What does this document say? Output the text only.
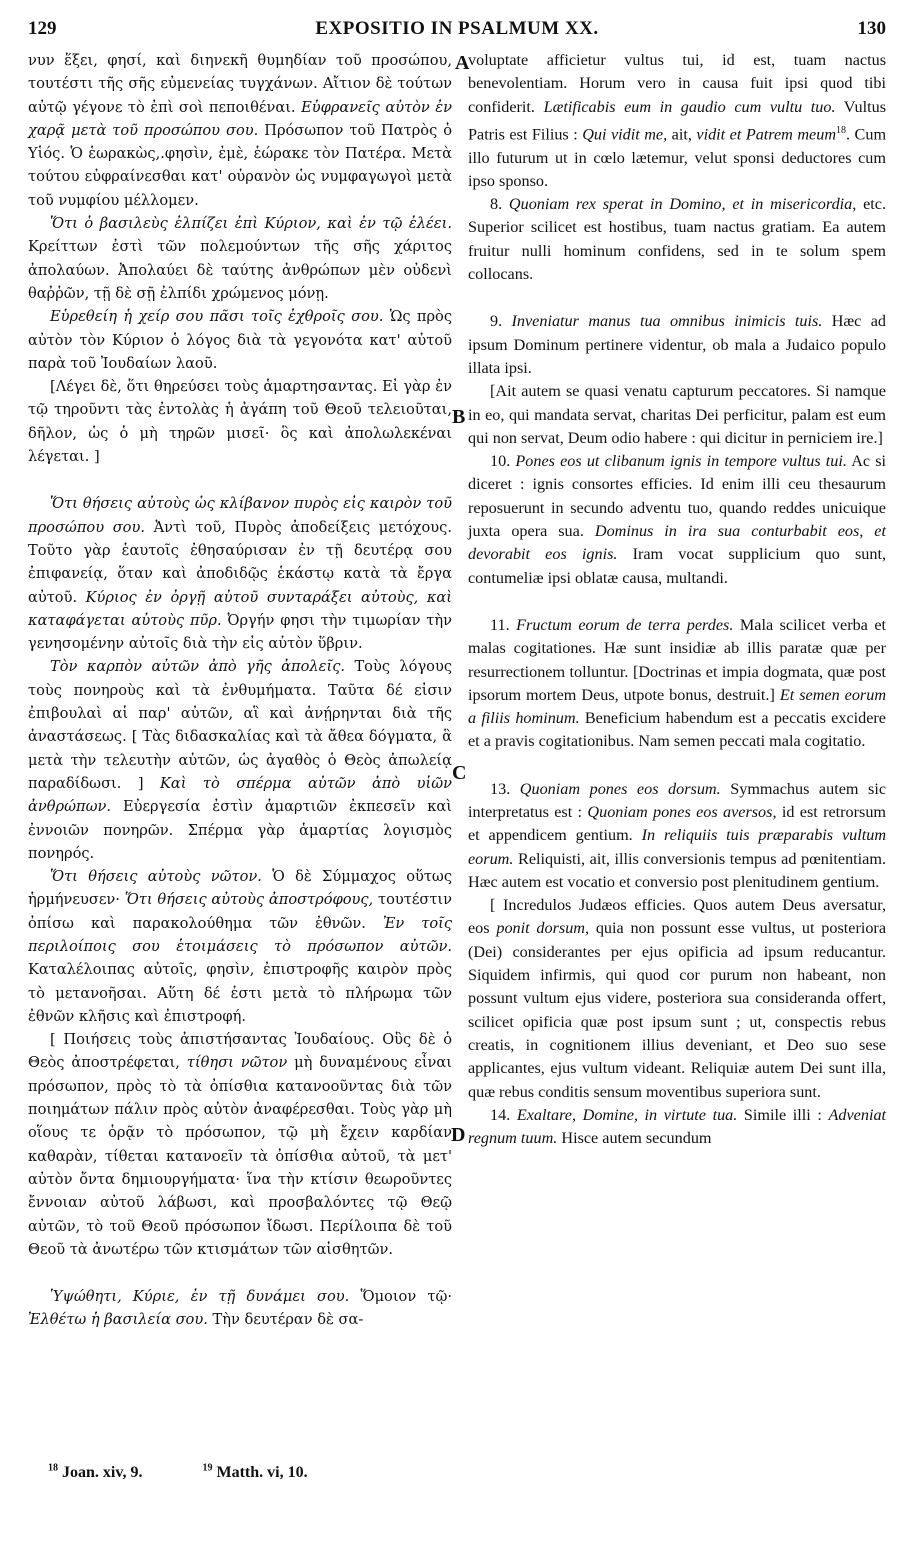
129	EXPOSITIO IN PSALMUM XX.	130
A
B
C
D

νυν ἕξει, φησί, καὶ διηνεκῆ θυμηδίαν τοῦ προσώπου, τουτέστι τῆς σῆς εὐμενείας τυγχάνων. Αἴτιον δὲ τούτων αὐτῷ γέγονε τὸ ἐπὶ σοὶ πεποιθέναι. Εὐφρανεῖς αὐτὸν ἐν χαρᾷ μετὰ τοῦ προσώπου σου. Πρόσωπον τοῦ Πατρὸς ὁ Υἱός. Ὁ ἑωρακὼς,.φησὶν, ἐμὲ, ἑώρακε τὸν Πατέρα. Μετὰ τούτου εὐφραίνεσθαι κατ' οὐρανὸν ὡς νυμφαγωγοὶ μετὰ τοῦ νυμφίου μέλλομεν.

Ὅτι ὁ βασιλεὺς ἐλπίζει ἐπὶ Κύριον, καὶ ἐν τῷ ἐλέει. Κρείττων ἐστὶ τῶν πολεμούντων τῆς σῆς χάριτος ἀπολαύων. Ἀπολαύει δὲ ταύτης ἀνθρώπων μὲν οὐδενὶ θαῤῥῶν, τῇ δὲ σῇ ἐλπίδι χρώμενος μόνῃ.

Εὑρεθείη ἡ χείρ σου πᾶσι τοῖς ἐχθροῖς σου. Ὡς πρὸς αὐτὸν τὸν Κύριον ὁ λόγος διὰ τὰ γεγονότα κατ' αὐτοῦ παρὰ τοῦ Ἰουδαίων λαοῦ.

[Λέγει δὲ, ὅτι θηρεύσει τοὺς ἁμαρτησαντας. Εἰ γὰρ ἐν τῷ τηροῦντι τὰς ἐντολὰς ἡ ἀγάπη τοῦ Θεοῦ τελειοῦται, δῆλον, ὡς ὁ μὴ τηρῶν μισεῖ· ὃς καὶ ἀπολωλεκέναι λέγεται. ]

Ὅτι θήσεις αὐτοὺς ὡς κλίβανον πυρὸς εἰς καιρὸν τοῦ προσώπου σου. Ἀντὶ τοῦ, Πυρὸς ἀποδείξεις μετόχους. Τοῦτο γὰρ ἑαυτοῖς ἐθησαύρισαν ἐν τῇ δευτέρᾳ σου ἐπιφανείᾳ, ὅταν καὶ ἀποδιδῷς ἑκάστῳ κατὰ τὰ ἔργα αὐτοῦ. Κύριος ἐν ὀργῇ αὐτοῦ συνταράξει αὐτοὺς, καὶ καταφάγεται αὐτοὺς πῦρ. Ὀργήν φησι τὴν τιμωρίαν τὴν γενησομένην αὐτοῖς διὰ τὴν εἰς αὐτὸν ὕβριν.

Τὸν καρπὸν αὐτῶν ἀπὸ γῆς ἀπολεῖς. Τοὺς λόγους τοὺς πονηροὺς καὶ τὰ ἐνθυμήματα. Ταῦτα δέ εἰσιν ἐπιβουλαὶ αἱ παρ' αὐτῶν, αἳ καὶ ἀνῄρηνται διὰ τῆς ἀναστάσεως. [ Τὰς διδασκαλίας καὶ τὰ ἄθεα δόγματα, ἃ μετὰ τὴν τελευτὴν αὐτῶν, ὡς ἀγαθὸς ὁ Θεὸς ἀπωλείᾳ παραδίδωσι. ] Καὶ τὸ σπέρμα αὐτῶν ἀπὸ υἱῶν ἀνθρώπων. Εὐεργεσία ἐστὶν ἁμαρτιῶν ἐκπεσεῖν καὶ ἐννοιῶν πονηρῶν. Σπέρμα γὰρ ἁμαρτίας λογισμὸς πονηρός.

Ὅτι θήσεις αὐτοὺς νῶτον. Ὁ δὲ Σύμμαχος οὕτως ἡρμήνευσεν· Ὅτι θήσεις αὐτοὺς ἀποστρόφους, τουτέστιν ὀπίσω καὶ παρακολούθημα τῶν ἐθνῶν. Ἐν τοῖς περιλοίποις σου ἑτοιμάσεις τὸ πρόσωπον αὐτῶν. Καταλέλοιπας αὐτοῖς, φησὶν, ἐπιστροφῆς καιρὸν πρὸς τὸ μετανοῆσαι. Αὕτη δέ ἐστι μετὰ τὸ πλήρωμα τῶν ἐθνῶν κλῆσις καὶ ἐπιστροφή.

[ Ποιήσεις τοὺς ἀπιστήσαντας Ἰουδαίους. Οὓς δὲ ὁ Θεὸς ἀποστρέφεται, τίθησι νῶτον μὴ δυναμένους εἶναι πρόσωπον, πρὸς τὸ τὰ ὀπίσθια κατανοοῦντας διὰ τῶν ποιημάτων πάλιν πρὸς αὐτὸν ἀναφέρεσθαι. Τοὺς γὰρ μὴ οἵους τε ὁρᾷν τὸ πρόσωπον, τῷ μὴ ἔχειν καρδίαν καθαρὰν, τίθεται κατανοεῖν τὰ ὀπίσθια αὐτοῦ, τὰ μετ' αὐτὸν ὄντα δημιουργήματα· ἵνα τὴν κτίσιν θεωροῦντες ἔννοιαν αὐτοῦ λάβωσι, καὶ προσβαλόντες τῷ Θεῷ αὐτῶν, τὸ τοῦ Θεοῦ πρόσωπον ἴδωσι. Περίλοιπα δὲ τοῦ Θεοῦ τὰ ἀνωτέρω τῶν κτισμάτων τῶν αἰσθητῶν.

Ὑψώθητι, Κύριε, ἐν τῇ δυνάμει σου. Ὅμοιον τῷ· Ἐλθέτω ἡ βασιλεία σου. Τὴν δευτέραν δὲ σα-

voluptate afficietur vultus tui, id est, tuam nactus benevolentiam. Horum vero in causa fuit ipsi quod tibi confiderit. Lætificabis eum in gaudio cum vultu tuo. Vultus Patris est Filius : Qui vidit me, ait, vidit et Patrem meum$^{18}$. Cum illo futurum ut in cœlo lætemur, velut sponsi deductores cum ipso sponso.

8. Quoniam rex sperat in Domino, et in misericordia, etc. Superior scilicet est hostibus, tuam nactus gratiam. Ea autem fruitur nulli hominum confidens, sed in te solum spem collocans.

9. Inveniatur manus tua omnibus inimicis tuis. Hæc ad ipsum Dominum pertinere videntur, ob mala a Judaico populo illata ipsi.

[Ait autem se quasi venatu capturum peccatores. Si namque in eo, qui mandata servat, charitas Dei perficitur, palam est eum qui non servat, Deum odio habere : qui dicitur in perniciem ire.]

10. Pones eos ut clibanum ignis in tempore vultus tui. Ac si diceret : ignis consortes efficies. Id enim illi ceu thesaurum reposuerunt in secundo adventu tuo, quando reddes unicuique juxta opera sua. Dominus in ira sua conturbabit eos, et devorabit eos ignis. Iram vocat supplicium quo sunt, contumeliæ ipsi oblatæ causa, multandi.

11. Fructum eorum de terra perdes. Mala scilicet verba et malas cogitationes. Hæ sunt insidiæ ab illis paratæ quæ per resurrectionem tolluntur. [Doctrinas et impia dogmata, quæ post ipsorum mortem Deus, utpote bonus, destruit.] Et semen eorum a filiis hominum. Beneficium habendum est a peccatis excidere et a pravis cogitationibus. Nam semen peccati mala cogitatio.

13. Quoniam pones eos dorsum. Symmachus autem sic interpretatus est : Quoniam pones eos aversos, id est retrorsum et appendicem gentium. In reliquiis tuis præparabis vultum eorum. Reliquisti, ait, illis conversionis tempus ad pœnitentiam. Hæc autem est vocatio et conversio post plenitudinem gentium.

[ Incredulos Judæos efficies. Quos autem Deus aversatur, eos ponit dorsum, quia non possunt esse vultus, ut posteriora (Dei) considerantes per ejus opificia ad ipsum reducantur. Siquidem infirmis, qui quod cor purum non habeant, non possunt vultum ejus videre, posteriora sua consideranda offert, scilicet opificia quæ post ipsum sunt ; ut, conspectis rebus creatis, in cognitionem illius deveniant, et Deo suo sese applicantes, ejus vultum videant. Reliquiæ autem Dei sunt illa, quæ rebus conditis sensum moventibus superiora sunt.

14. Exaltare, Domine, in virtute tua. Simile illi : Adveniat regnum tuum. Hisce autem secundum

$^{18}$ Joan. xiv, 9.	$^{19}$ Matth. vi, 10.
